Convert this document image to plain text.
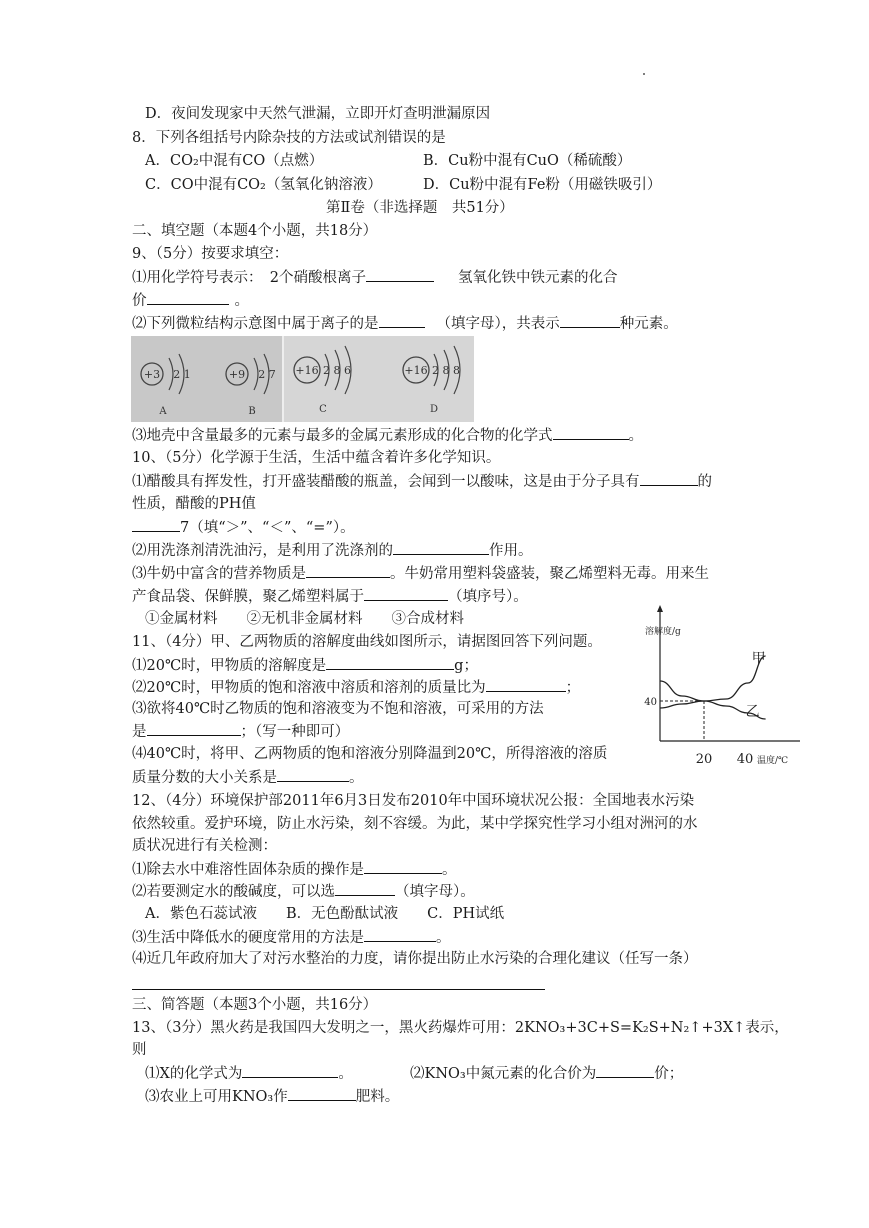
D．夜间发现家中天然气泄漏，立即开灯查明泄漏原因
8．下列各组括号内除杂技的方法或试剂错误的是
A．CO₂中混有CO（点燃）	B．Cu粉中混有CuO（稀硫酸）
C．CO中混有CO₂（氢氧化钠溶液）	D．Cu粉中混有Fe粉（用磁铁吸引）
第Ⅱ卷（非选择题　共51分）
二、填空题（本题4个小题，共18分）
9、（5分）按要求填空：
⑴用化学符号表示：　2个硝酸根离子	氢氧化铁中铁元素的化合
价	。
⑵下列微粒结构示意图中属于离子的是	（填字母），共表示	种元素。
+3 2 1
A
+9 2 7
B
+16 2 8 6
C
+16 2 8 8
D
⑶地壳中含量最多的元素与最多的金属元素形成的化合物的化学式	。
10、（5分）化学源于生活，生活中蕴含着许多化学知识。
⑴醋酸具有挥发性，打开盛装醋酸的瓶盖，会闻到一以酸味，这是由于分子具有	的
性质，醋酸的PH值
7（填“＞”、“＜”、“=”）。
⑵用洗涤剂清洗油污，是利用了洗涤剂的	作用。
⑶牛奶中富含的营养物质是	。牛奶常用塑料袋盛装，聚乙烯塑料无毒。用来生
产食品袋、保鲜膜，聚乙烯塑料属于	（填序号）。
①金属材料　　②无机非金属材料　　③合成材料
11、（4分）甲、乙两物质的溶解度曲线如图所示，请据图回答下列问题。
⑴20℃时，甲物质的溶解度是	g；
⑵20℃时，甲物质的饱和溶液中溶质和溶剂的质量比为	；
⑶欲将40℃时乙物质的饱和溶液变为不饱和溶液，可采用的方法
是	；（写一种即可）
⑷40℃时，将甲、乙两物质的饱和溶液分别降温到20℃，所得溶液的溶质
质量分数的大小关系是	。
甲
乙
40
20 40
溶解度/g
温度/℃
12、（4分）环境保护部2011年6月3日发布2010年中国环境状况公报：全国地表水污染
依然较重。爱护环境，防止水污染，刻不容缓。为此，某中学探究性学习小组对洲河的水
质状况进行有关检测：
⑴除去水中难溶性固体杂质的操作是	。
⑵若要测定水的酸碱度，可以选	（填字母）。
A．紫色石蕊试液　　B．无色酚酞试液　　C．PH试纸
⑶生活中降低水的硬度常用的方法是	。
⑷近几年政府加大了对污水整治的力度，请你提出防止水污染的合理化建议（任写一条）
三、简答题（本题3个小题，共16分）
13、（3分）黑火药是我国四大发明之一，黑火药爆炸可用：2KNO₃+3C+S=K₂S+N₂↑+3X↑表示，
则
⑴X的化学式为	。	⑵KNO₃中氮元素的化合价为	价；
⑶农业上可用KNO₃作	肥料。
